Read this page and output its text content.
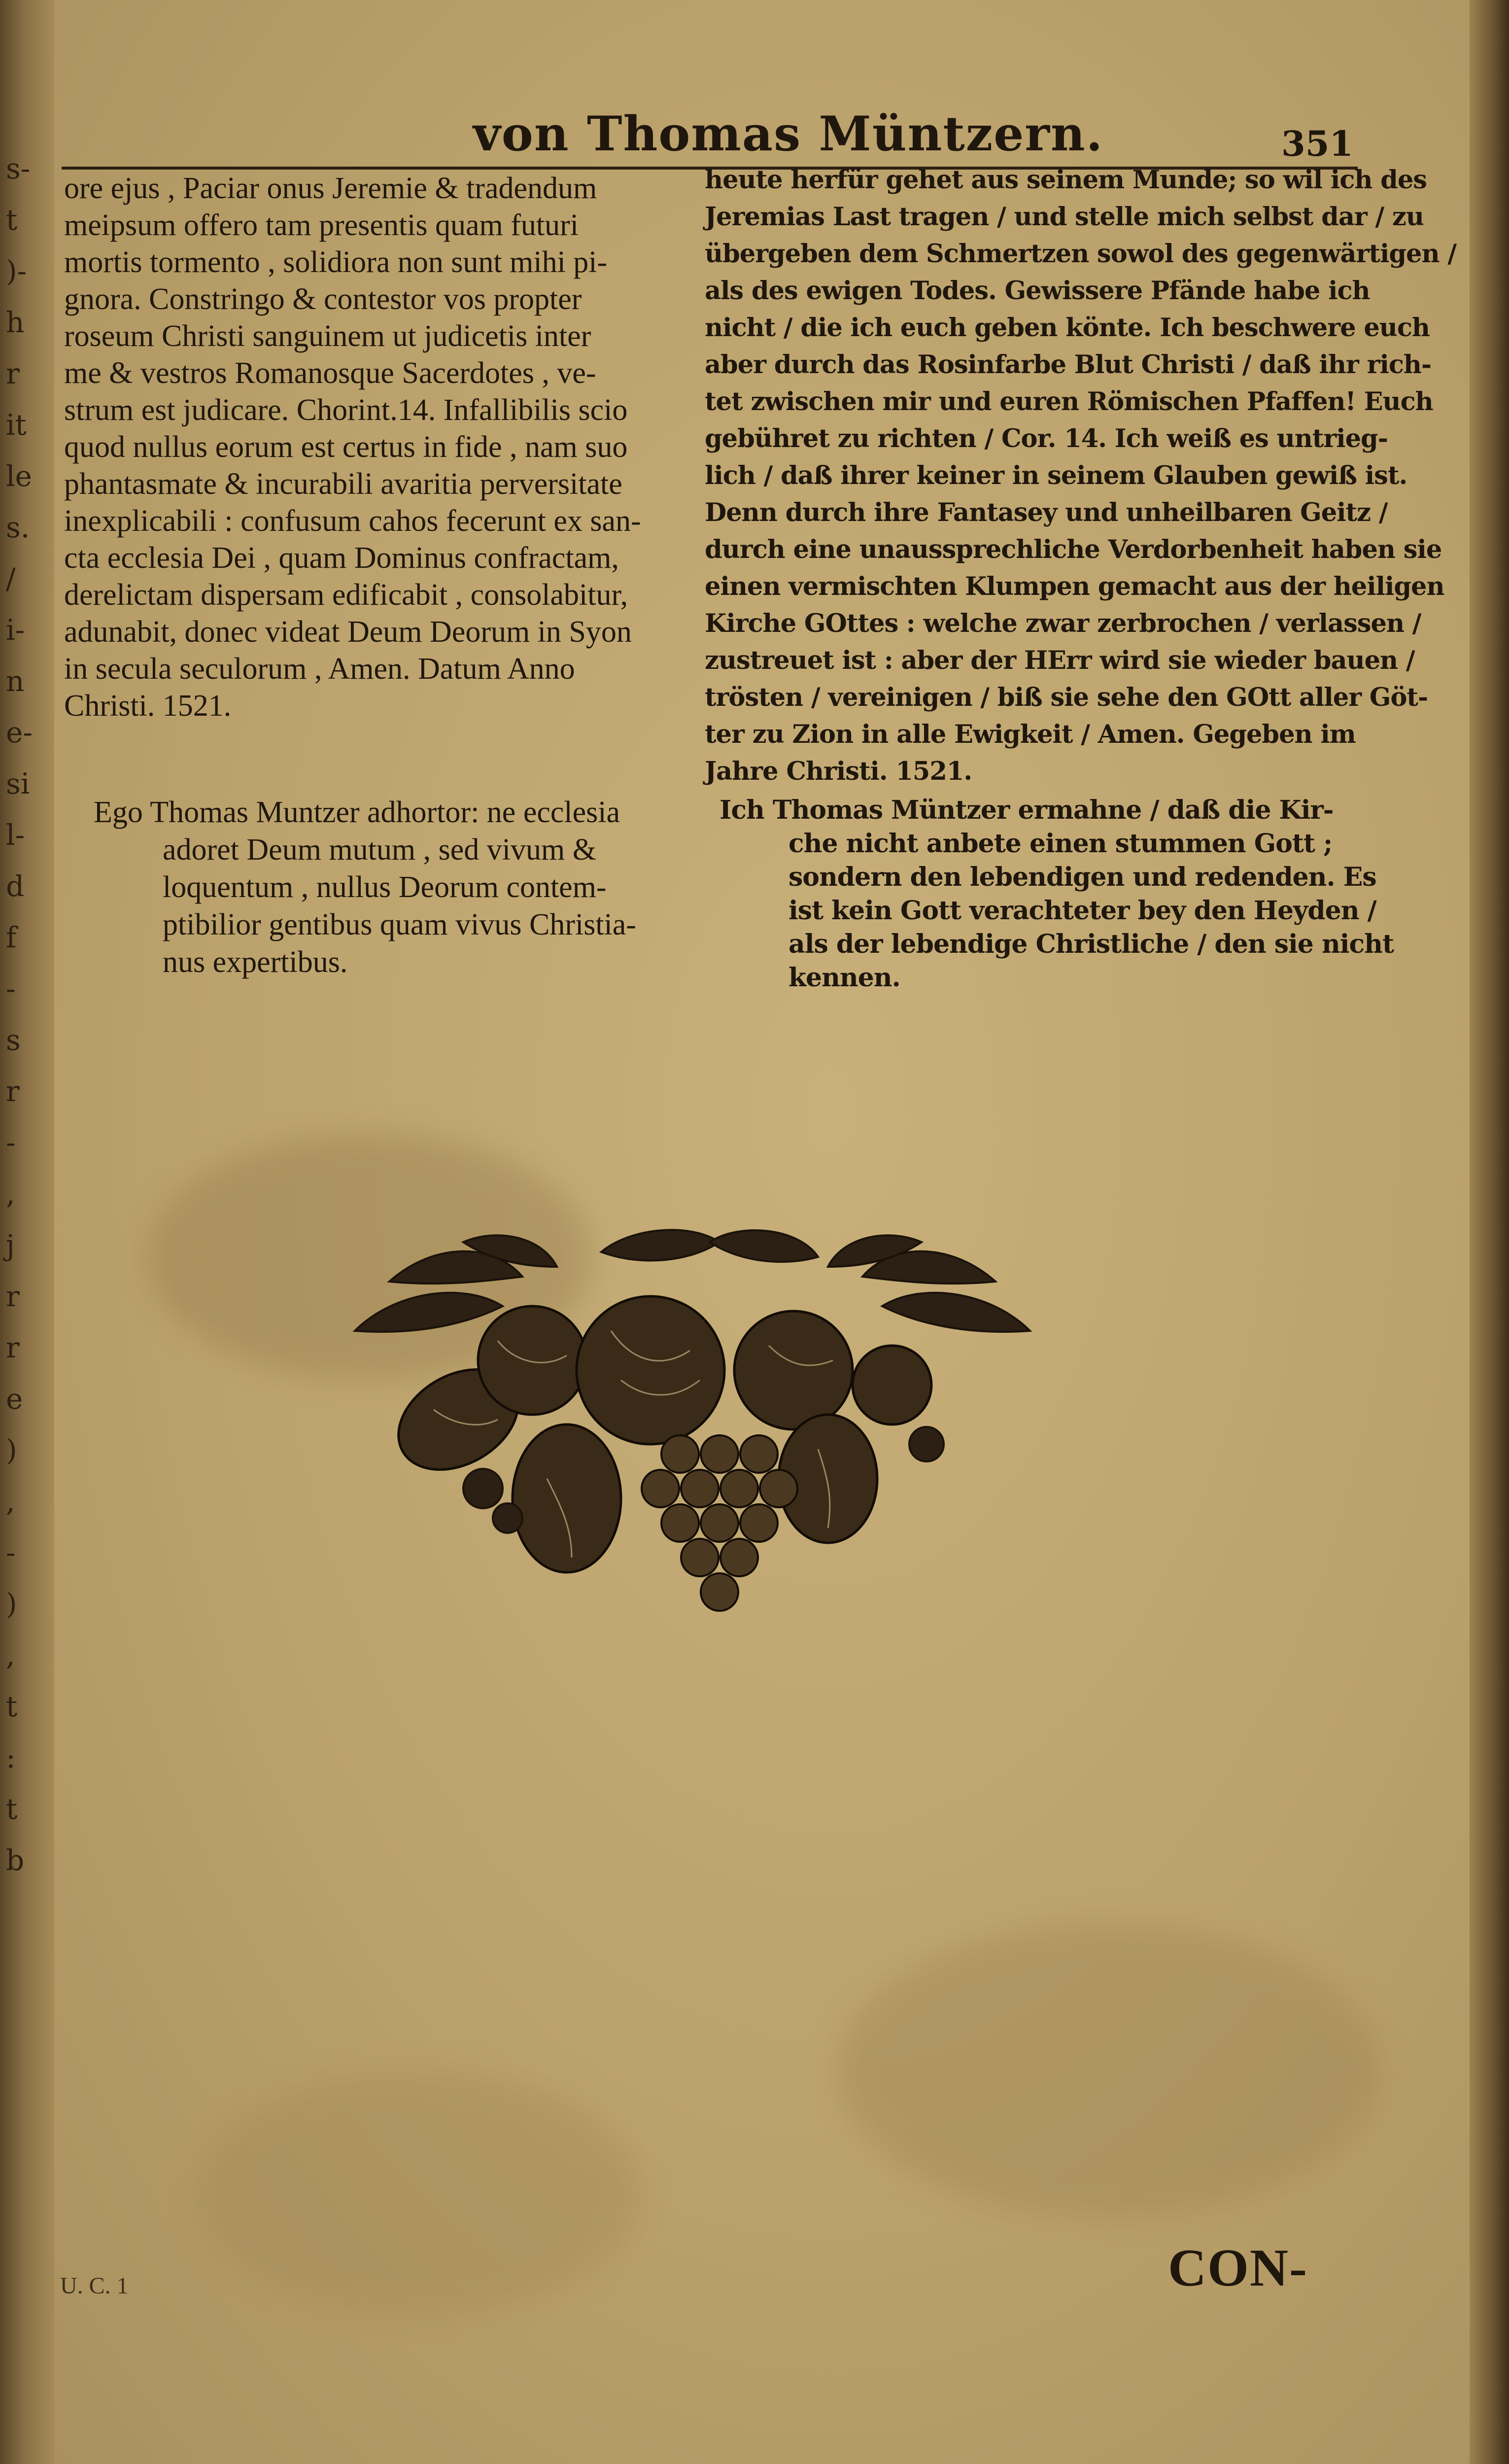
s-
t
)-
h
r
it
le
s.
/
i-
n
e-
si
l-
d
f
-
s
r
-
,
j
r
r
e
)
,
-
)
,
t
:
t
b
von Thomas Müntzern.	351
ore ejus , Paciar onus Jeremie & tradendum
meipsum offero tam presentis quam futuri
mortis tormento , solidiora non sunt mihi pi-
gnora. Constringo & contestor vos propter
roseum Christi sanguinem ut judicetis inter
me & vestros Romanosque Sacerdotes , ve-
strum est judicare. Chorint.14. Infallibilis scio
quod nullus eorum est certus in fide , nam suo
phantasmate & incurabili avaritia perversitate
inexplicabili : confusum cahos fecerunt ex san-
cta ecclesia Dei , quam Dominus confractam,
derelictam dispersam edificabit , consolabitur,
adunabit, donec videat Deum Deorum in Syon
in secula seculorum , Amen. Datum Anno
Christi. 1521.
heute herfür gehet aus seinem Munde; so wil ich des
Jeremias Last tragen / und stelle mich selbst dar / zu
übergeben dem Schmertzen sowol des gegenwärtigen /
als des ewigen Todes. Gewissere Pfände habe ich
nicht / die ich euch geben könte. Ich beschwere euch
aber durch das Rosinfarbe Blut Christi / daß ihr rich-
tet zwischen mir und euren Römischen Pfaffen! Euch
gebühret zu richten / Cor. 14. Ich weiß es untrieg-
lich / daß ihrer keiner in seinem Glauben gewiß ist.
Denn durch ihre Fantasey und unheilbaren Geitz /
durch eine unaussprechliche Verdorbenheit haben sie
einen vermischten Klumpen gemacht aus der heiligen
Kirche GOttes : welche zwar zerbrochen / verlassen /
zustreuet ist : aber der HErr wird sie wieder bauen /
trösten / vereinigen / biß sie sehe den GOtt aller Göt-
ter zu Zion in alle Ewigkeit / Amen. Gegeben im
Jahre Christi. 1521.
Ego Thomas Muntzer adhortor: ne ecclesia
adoret Deum mutum , sed vivum &
loquentum , nullus Deorum contem-
ptibilior gentibus quam vivus Christia-
nus expertibus.
Ich Thomas Müntzer ermahne / daß die Kir-
che nicht anbete einen stummen Gott ;
sondern den lebendigen und redenden. Es
ist kein Gott verachteter bey den Heyden /
als der lebendige Christliche / den sie nicht
kennen.
U. C. 1	CON-
